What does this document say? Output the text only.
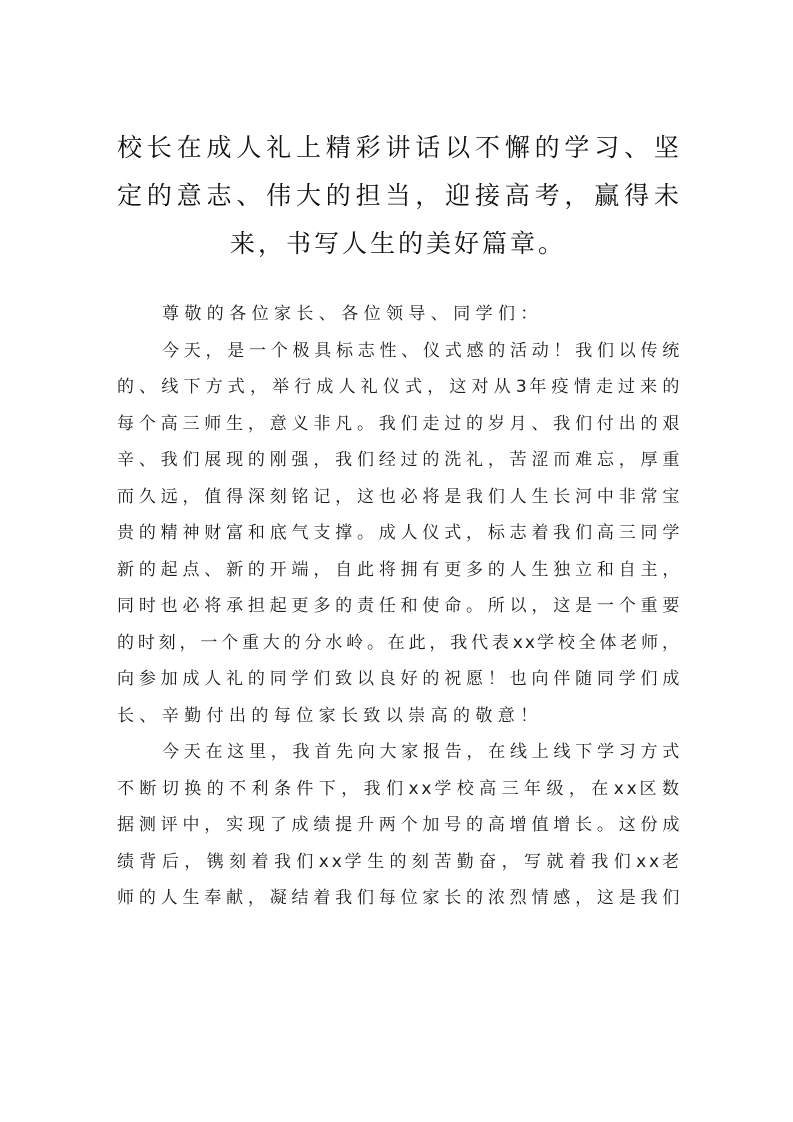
校​ 长​ 在​ 成​ 人​ 礼​ 上​ 精​ 彩​ 讲​ 话​ 以​ 不​ 懈​ 的​ 学​ 习​ 、​ 坚
定​ 的​ 意​ 志​ 、​ 伟​ 大​ 的​ 担​ 当​ ，​ 迎​ 接​ 高​ 考​ ，​ 赢​ 得​ 未
来，书写人生的美好篇章。

尊敬的各位家长、各位领导、同学们：

今​ 天​ ，​ 是​ 一​ 个​ 极​ 具​ 标​ 志​ 性​ 、​ 仪​ 式​ 感​ 的​ 活​ 动​ ！​ 我​ 们​ 以​ 传​ 统
的​ 、​ 线​ 下​ 方​ 式​ ，​ 举​ 行​ 成​ 人​ 礼​ 仪​ 式​ ，​ 这​ 对​ 从​ 3​ 年​ 疫​ 情​ 走​ 过​ 来​ 的
每​ 个​ 高​ 三​ 师​ 生​ ，​ 意​ 义​ 非​ 凡​ 。​ 我​ 们​ 走​ 过​ 的​ 岁​ 月​ 、​ 我​ 们​ 付​ 出​ 的​ 艰
辛​ 、​ 我​ 们​ 展​ 现​ 的​ 刚​ 强​ ，​ 我​ 们​ 经​ 过​ 的​ 洗​ 礼​ ，​ 苦​ 涩​ 而​ 难​ 忘​ ，​ 厚​ 重
而​ 久​ 远​ ，​ 值​ 得​ 深​ 刻​ 铭​ 记​ ，​ 这​ 也​ 必​ 将​ 是​ 我​ 们​ 人​ 生​ 长​ 河​ 中​ 非​ 常​ 宝
贵​ 的​ 精​ 神​ 财​ 富​ 和​ 底​ 气​ 支​ 撑​ 。​ 成​ 人​ 仪​ 式​ ，​ 标​ 志​ 着​ 我​ 们​ 高​ 三​ 同​ 学
新​ 的​ 起​ 点​ 、​ 新​ 的​ 开​ 端​ ，​ 自​ 此​ 将​ 拥​ 有​ 更​ 多​ 的​ 人​ 生​ 独​ 立​ 和​ 自​ 主​ ，
同​ 时​ 也​ 必​ 将​ 承​ 担​ 起​ 更​ 多​ 的​ 责​ 任​ 和​ 使​ 命​ 。​ 所​ 以​ ，​ 这​ 是​ 一​ 个​ 重​ 要
的​ 时​ 刻​ ，​ 一​ 个​ 重​ 大​ 的​ 分​ 水​ 岭​ 。​ 在​ 此​ ，​ 我​ 代​ 表​ x​ x​ 学​ 校​ 全​ 体​ 老​ 师​ ，
向​ 参​ 加​ 成​ 人​ 礼​ 的​ 同​ 学​ 们​ 致​ 以​ 良​ 好​ 的​ 祝​ 愿​ ！​ 也​ 向​ 伴​ 随​ 同​ 学​ 们​ 成
长、辛勤付出的每位家长致以崇高的敬意！

今​ 天​ 在​ 这​ 里​ ，​ 我​ 首​ 先​ 向​ 大​ 家​ 报​ 告​ ，​ 在​ 线​ 上​ 线​ 下​ 学​ 习​ 方​ 式
不​ 断​ 切​ 换​ 的​ 不​ 利​ 条​ 件​ 下​ ，​ 我​ 们​ x​ x​ 学​ 校​ 高​ 三​ 年​ 级​ ，​ 在​ x​ x​ 区​ 数
据​ 测​ 评​ 中​ ，​ 实​ 现​ 了​ 成​ 绩​ 提​ 升​ 两​ 个​ 加​ 号​ 的​ 高​ 增​ 值​ 增​ 长​ 。​ 这​ 份​ 成
绩​ 背​ 后​ ，​ 镌​ 刻​ 着​ 我​ 们​ x​ x​ 学​ 生​ 的​ 刻​ 苦​ 勤​ 奋​ ，​ 写​ 就​ 着​ 我​ 们​ x​ x​ 老
师​ 的​ 人​ 生​ 奉​ 献​ ，​ 凝​ 结​ 着​ 我​ 们​ 每​ 位​ 家​ 长​ 的​ 浓​ 烈​ 情​ 感​ ，​ 这​ 是​ 我​ 们
